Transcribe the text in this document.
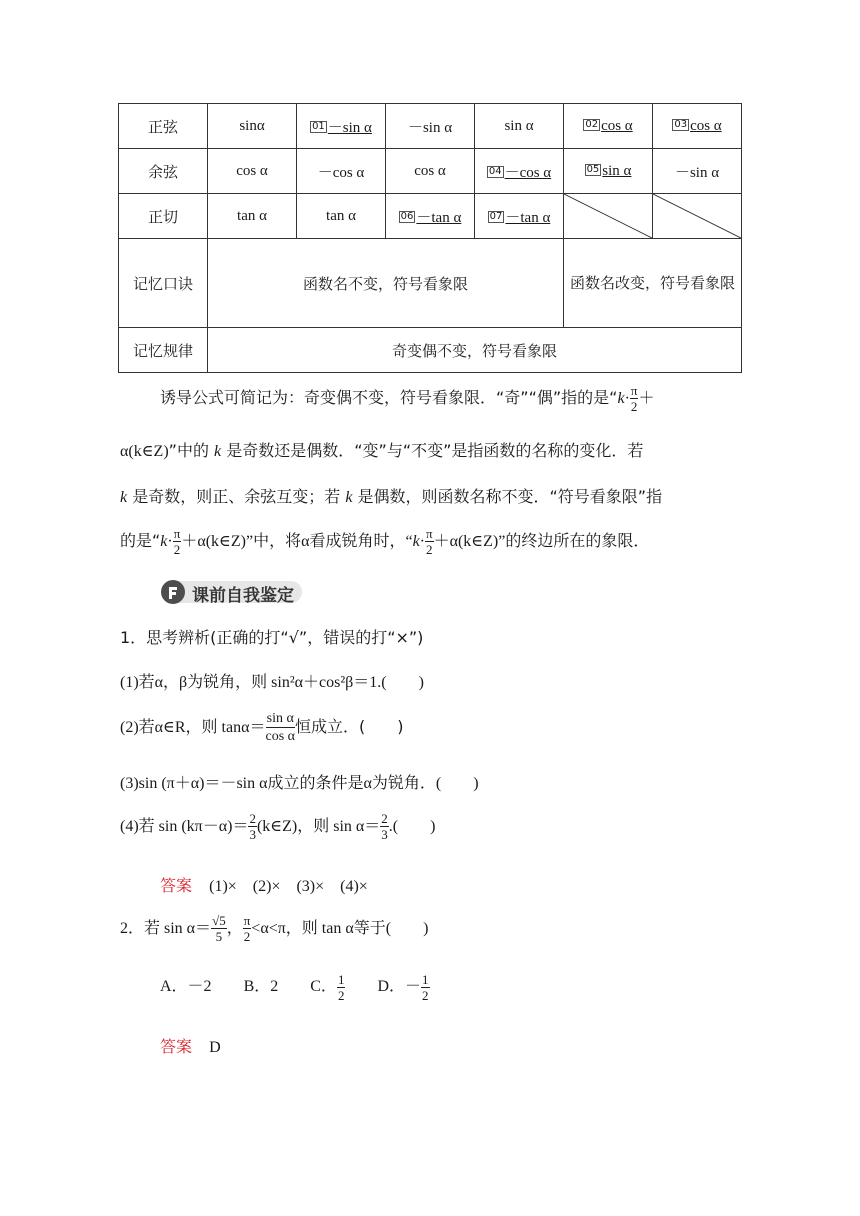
正弦	sinα	01 －sin α	－sin α	sin α	02 cos α	03 cos α
余弦	cos α	－cos α	cos α	04 －cos α	05 sin α	－sin α
正切	tan α	tan α	06 －tan α	07 －tan α	

记忆口诀	函数名不变，符号看象限				函数名改变，符号看象限	
记忆规律	奇变偶不变，符号看象限					
诱导公式可简记为：奇变偶不变，符号看象限．“奇”“偶”指的是“$k\cdot \frac{\pi}{2}$ ＋
α(k∈Z)”中的 k 是奇数还是偶数．“变”与“不变”是指函数的名称的变化．若
k 是奇数，则正、余弦互变；若 k 是偶数，则函数名称不变．“符号看象限”指
的是“$k\cdot \frac{\pi}{2}$ ＋α(k∈Z)”中，将α看成锐角时，“$k\cdot \frac{\pi}{2}$ ＋α(k∈Z)”的终边所在的象限．
课前自我鉴定
1．思考辨析(正确的打“√”，错误的打“×”)
(1)若α，β为锐角，则 sin²α＋cos²β＝1.(　　)
(2)若α∈R，则 $\tan\alpha= \frac{\text{sin α}}{\text{cos α}}$ 恒成立．(　　)
(3)sin (π＋α)＝－sin α成立的条件是α为锐角．(　　)
(4)若 $\sin (k\pi-\alpha)= \frac{2}{3}$ (k∈Z)，则 $\sin \alpha= \frac{2}{3}$ .(　　)
答案 (1)×　(2)×　(3)×　(4)×
2．若 $\sin \alpha= \frac{√5}{5}$ ， $\frac{\pi}{2} <\alpha<\pi$，则 tan α等于(　　)
A．－2 B．2 C． $\frac{1}{2}$ D．－ $\frac{1}{2}$
答案 D
